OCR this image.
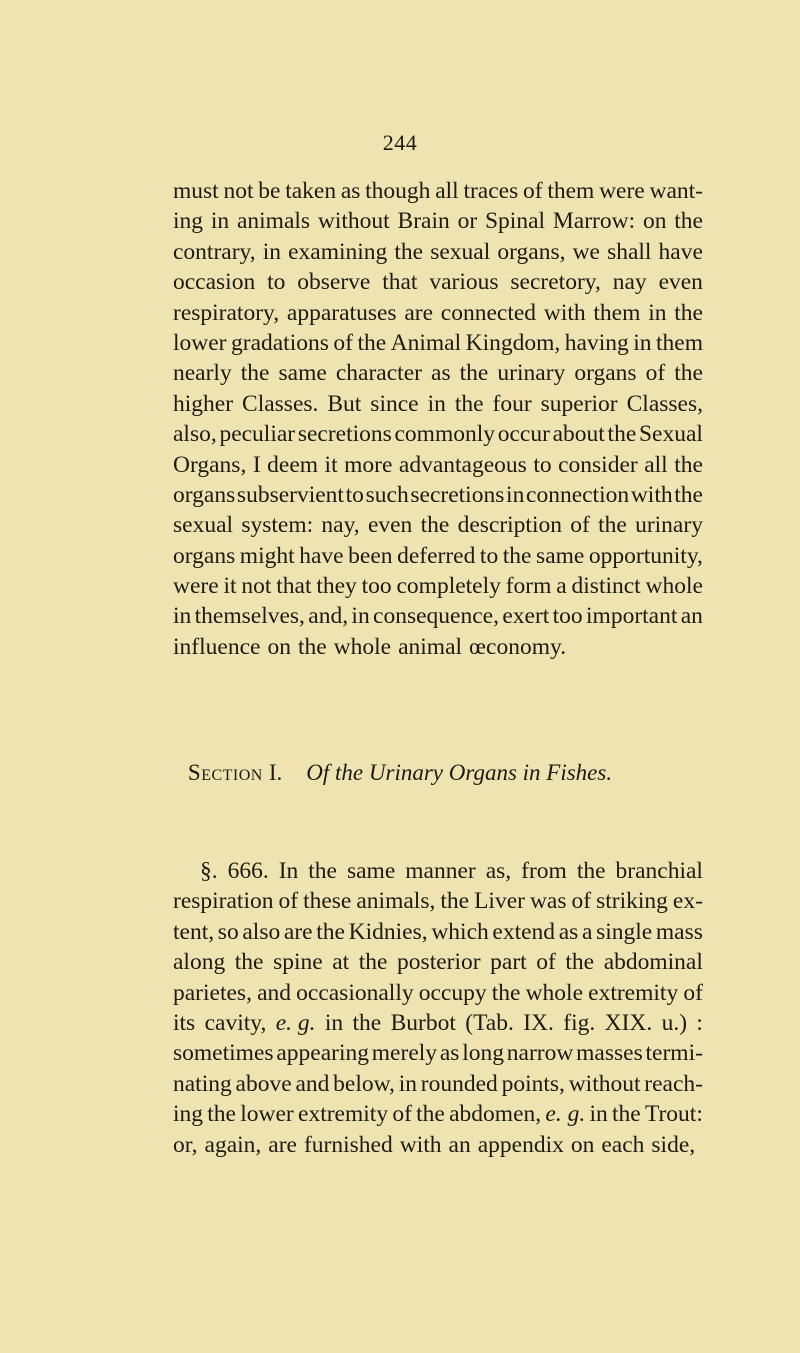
244
must not be taken as though all traces of them were want-
ing in animals without Brain or Spinal Marrow: on the
contrary, in examining the sexual organs, we shall have
occasion to observe that various secretory, nay even
respiratory, apparatuses are connected with them in the
lower gradations of the Animal Kingdom, having in them
nearly the same character as the urinary organs of the
higher Classes. But since in the four superior Classes,
also, peculiar secretions commonly occur about the Sexual
Organs, I deem it more advantageous to consider all the
organs subservient to such secretions in connection with the
sexual system: nay, even the description of the urinary
organs might have been deferred to the same opportunity,
were it not that they too completely form a distinct whole
in themselves, and, in consequence, exert too important an
influence on the whole animal œconomy.
Section I. Of the Urinary Organs in Fishes.
§. 666. In the same manner as, from the branchial
respiration of these animals, the Liver was of striking ex-
tent, so also are the Kidnies, which extend as a single mass
along the spine at the posterior part of the abdominal
parietes, and occasionally occupy the whole extremity of
its cavity, e. g. in the Burbot (Tab. IX. fig. XIX. u.) :
sometimes appearing merely as long narrow masses termi-
nating above and below, in rounded points, without reach-
ing the lower extremity of the abdomen, e. g. in the Trout:
or, again, are furnished with an appendix on each side,
